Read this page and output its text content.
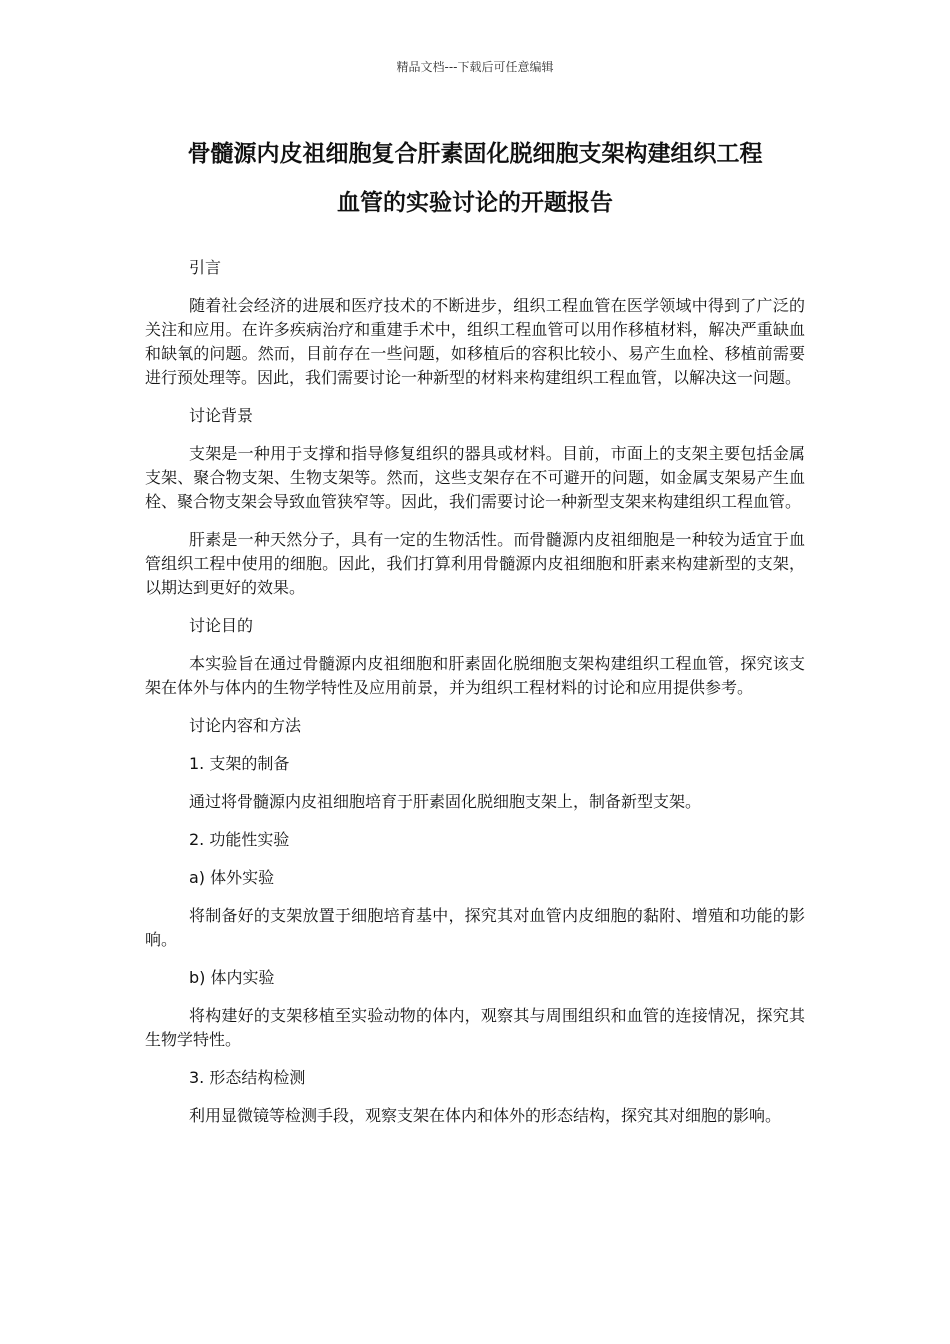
精品文档---下载后可任意编辑
骨髓源内皮祖细胞复合肝素固化脱细胞支架构建组织工程
血管的实验讨论的开题报告

引言

随着社会经济的进展和医疗技术的不断进步，组织工程血管在医学领域中得到了广泛的关注和应用。在许多疾病治疗和重建手术中，组织工程血管可以用作移植材料，解决严重缺血和缺氧的问题。然而，目前存在一些问题，如移植后的容积比较小、易产生血栓、移植前需要进行预处理等。因此，我们需要讨论一种新型的材料来构建组织工程血管，以解决这一问题。

讨论背景

支架是一种用于支撑和指导修复组织的器具或材料。目前，市面上的支架主要包括金属支架、聚合物支架、生物支架等。然而，这些支架存在不可避开的问题，如金属支架易产生血栓、聚合物支架会导致血管狭窄等。因此，我们需要讨论一种新型支架来构建组织工程血管。

肝素是一种天然分子，具有一定的生物活性。而骨髓源内皮祖细胞是一种较为适宜于血管组织工程中使用的细胞。因此，我们打算利用骨髓源内皮祖细胞和肝素来构建新型的支架，以期达到更好的效果。

讨论目的

本实验旨在通过骨髓源内皮祖细胞和肝素固化脱细胞支架构建组织工程血管，探究该支架在体外与体内的生物学特性及应用前景，并为组织工程材料的讨论和应用提供参考。

讨论内容和方法

1. 支架的制备

通过将骨髓源内皮祖细胞培育于肝素固化脱细胞支架上，制备新型支架。

2. 功能性实验

a) 体外实验

将制备好的支架放置于细胞培育基中，探究其对血管内皮细胞的黏附、增殖和功能的影响。

b) 体内实验

将构建好的支架移植至实验动物的体内，观察其与周围组织和血管的连接情况，探究其生物学特性。

3. 形态结构检测

利用显微镜等检测手段，观察支架在体内和体外的形态结构，探究其对细胞的影响。
